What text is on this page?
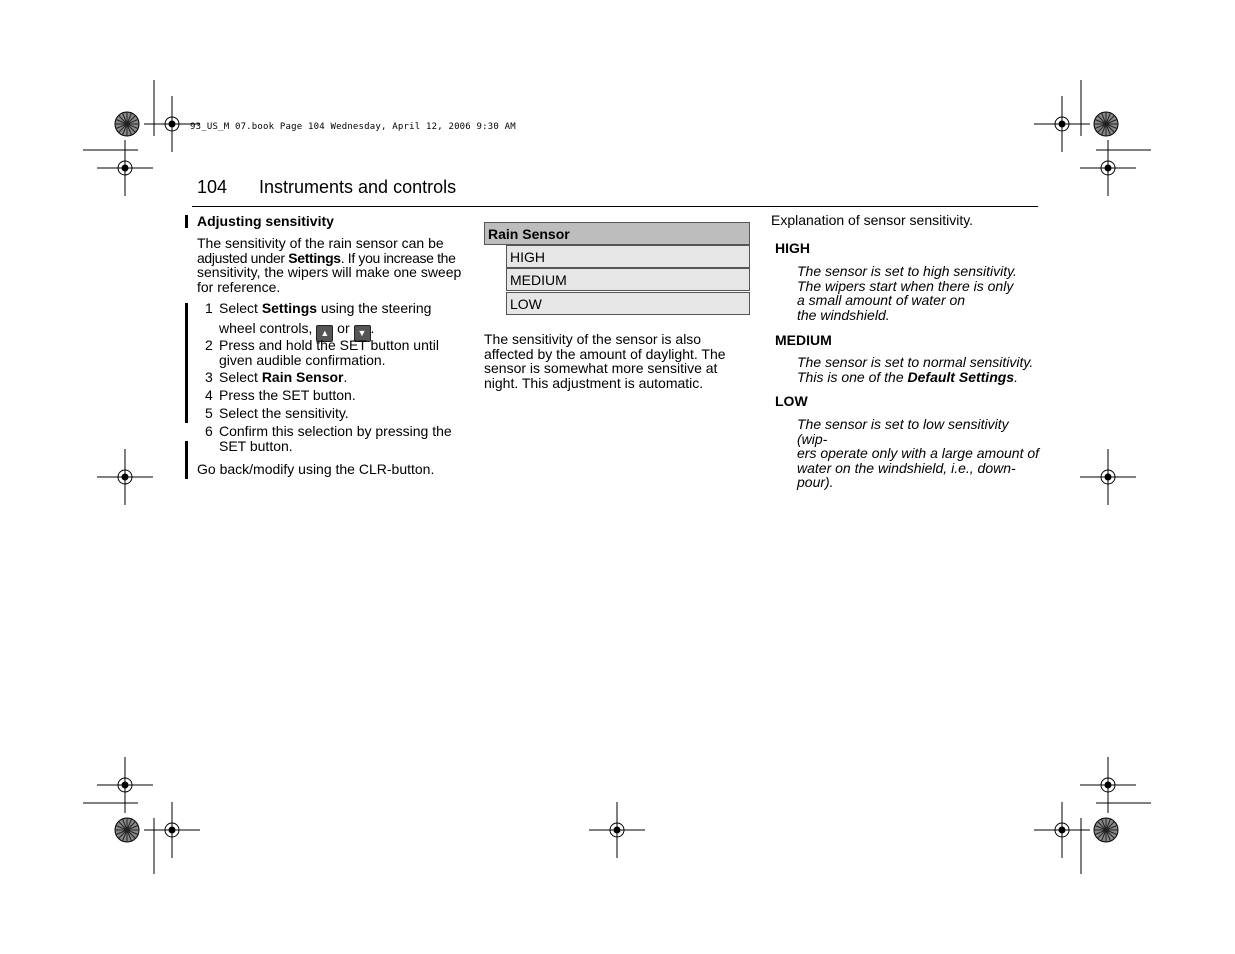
93_US_M 07.book Page 104 Wednesday, April 12, 2006 9:30 AM
104 Instruments and controls
Adjusting sensitivity
The sensitivity of the rain sensor can be
adjusted under Settings. If you increase the
sensitivity, the wipers will make one sweep
for reference.
1 Select Settings using the steering
wheel controls, ▲ or ▼ .
2 Press and hold the SET button until given audible confirmation.
3 Select Rain Sensor.
4 Press the SET button.
5 Select the sensitivity.
6 Confirm this selection by pressing the SET button.
Go back/modify using the CLR-button.
Rain Sensor
HIGH
MEDIUM
LOW
The sensitivity of the sensor is also affected by the amount of daylight. The sensor is somewhat more sensitive at night. This adjustment is automatic.
Explanation of sensor sensitivity.
HIGH
The sensor is set to high sensitivity.
The wipers start when there is only
a small amount of water on
the windshield.
MEDIUM
The sensor is set to normal sensitivity.
This is one of the Default Settings.
LOW
The sensor is set to low sensitivity (wip-
ers operate only with a large amount of
water on the windshield, i.e., down-
pour).
